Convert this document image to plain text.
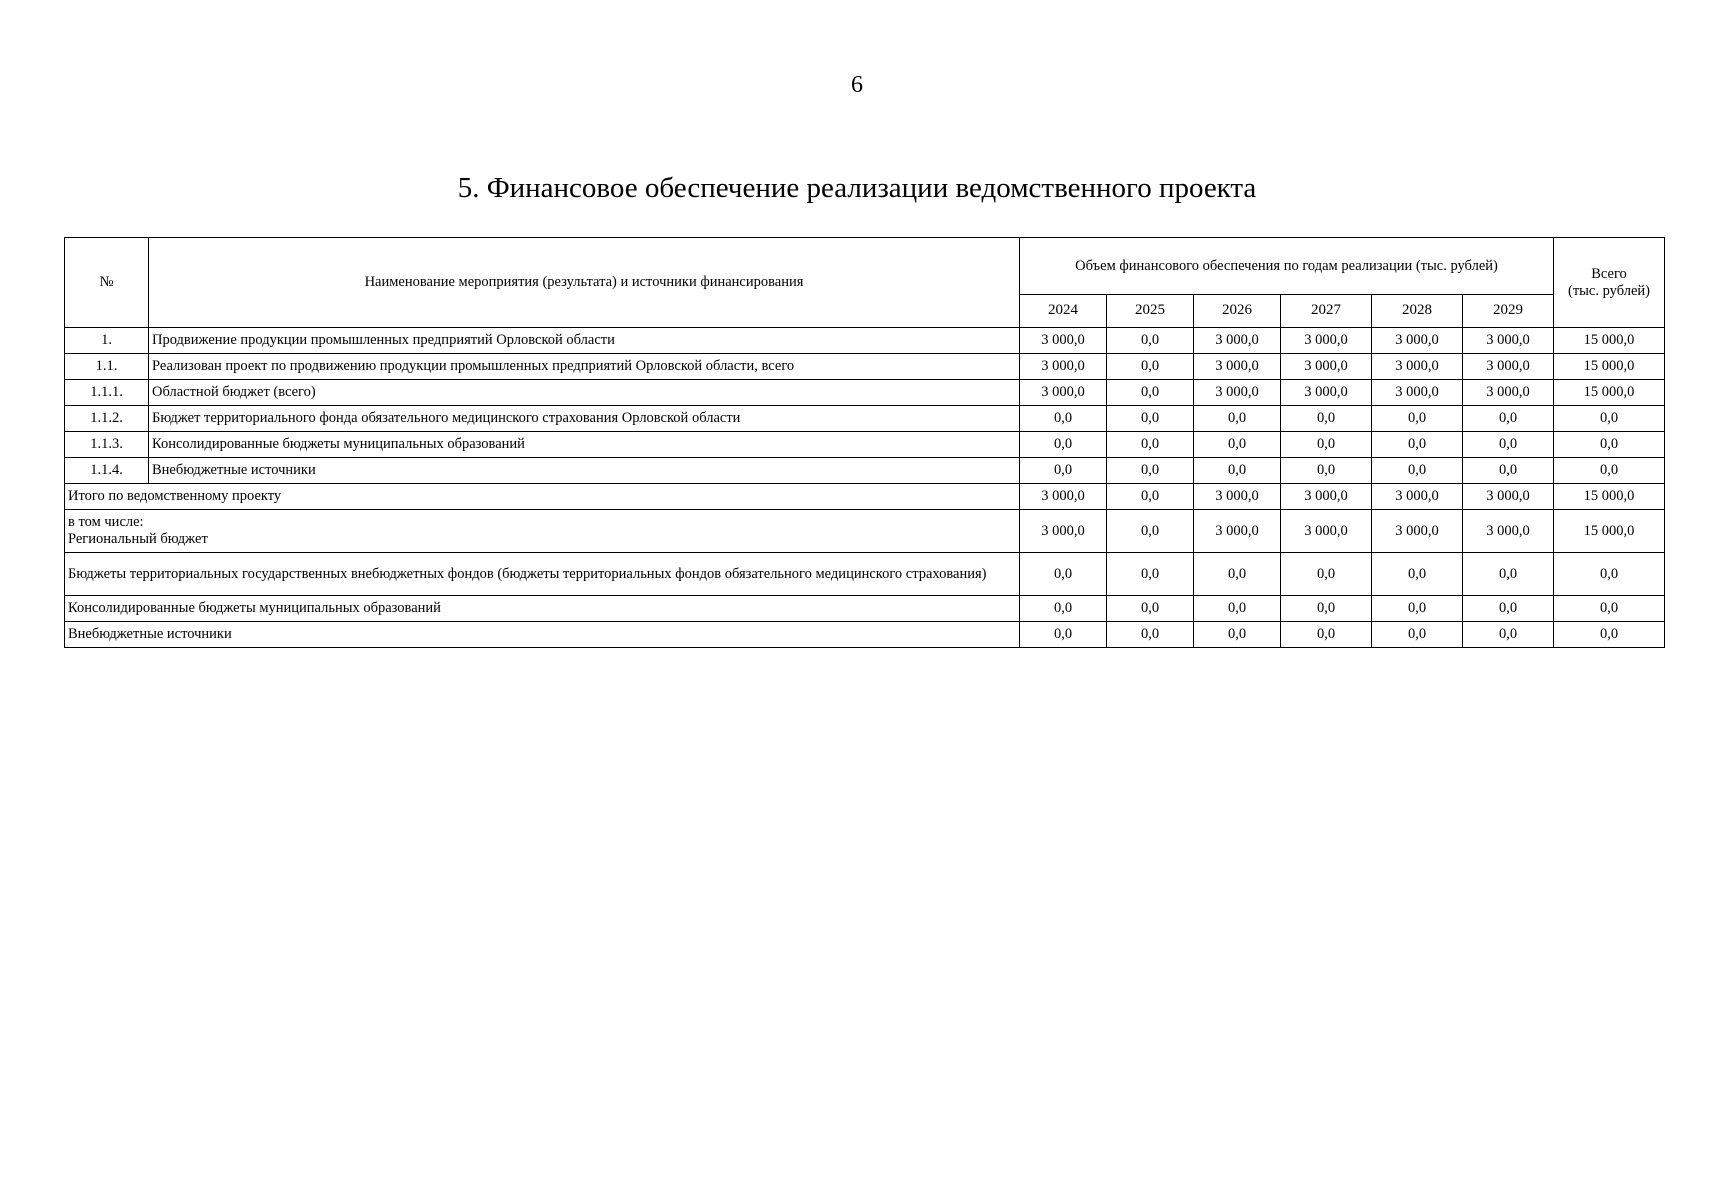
6
5. Финансовое обеспечение реализации ведомственного проекта
№	Наименование мероприятия (результата) и источники финансирования	Объем финансового обеспечения по годам реализации (тыс. рублей)						Всего
(тыс. рублей)

		2024	2025	2026	2027	2028	2029	
1.	Продвижение продукции промышленных предприятий Орловской области	3 000,0	0,0	3 000,0	3 000,0	3 000,0	3 000,0	15 000,0
1.1.	Реализован проект по продвижению продукции промышленных предприятий Орловской области, всего	3 000,0	0,0	3 000,0	3 000,0	3 000,0	3 000,0	15 000,0
1.1.1.	Областной бюджет (всего)	3 000,0	0,0	3 000,0	3 000,0	3 000,0	3 000,0	15 000,0
1.1.2.	Бюджет территориального фонда обязательного медицинского страхования Орловской области	0,0	0,0	0,0	0,0	0,0	0,0	0,0
1.1.3.	Консолидированные бюджеты муниципальных образований	0,0	0,0	0,0	0,0	0,0	0,0	0,0
1.1.4.	Внебюджетные источники	0,0	0,0	0,0	0,0	0,0	0,0	0,0
Итого по ведомственному проекту		3 000,0	0,0	3 000,0	3 000,0	3 000,0	3 000,0	15 000,0

в том числе:
Региональный бюджет		3 000,0	0,0	3 000,0	3 000,0	3 000,0	3 000,0	15 000,0
Бюджеты территориальных государственных внебюджетных фондов (бюджеты территориальных фондов обязательного медицинского страхования)		0,0	0,0	0,0	0,0	0,0	0,0	0,0
Консолидированные бюджеты муниципальных образований		0,0	0,0	0,0	0,0	0,0	0,0	0,0
Внебюджетные источники		0,0	0,0	0,0	0,0	0,0	0,0	0,0
